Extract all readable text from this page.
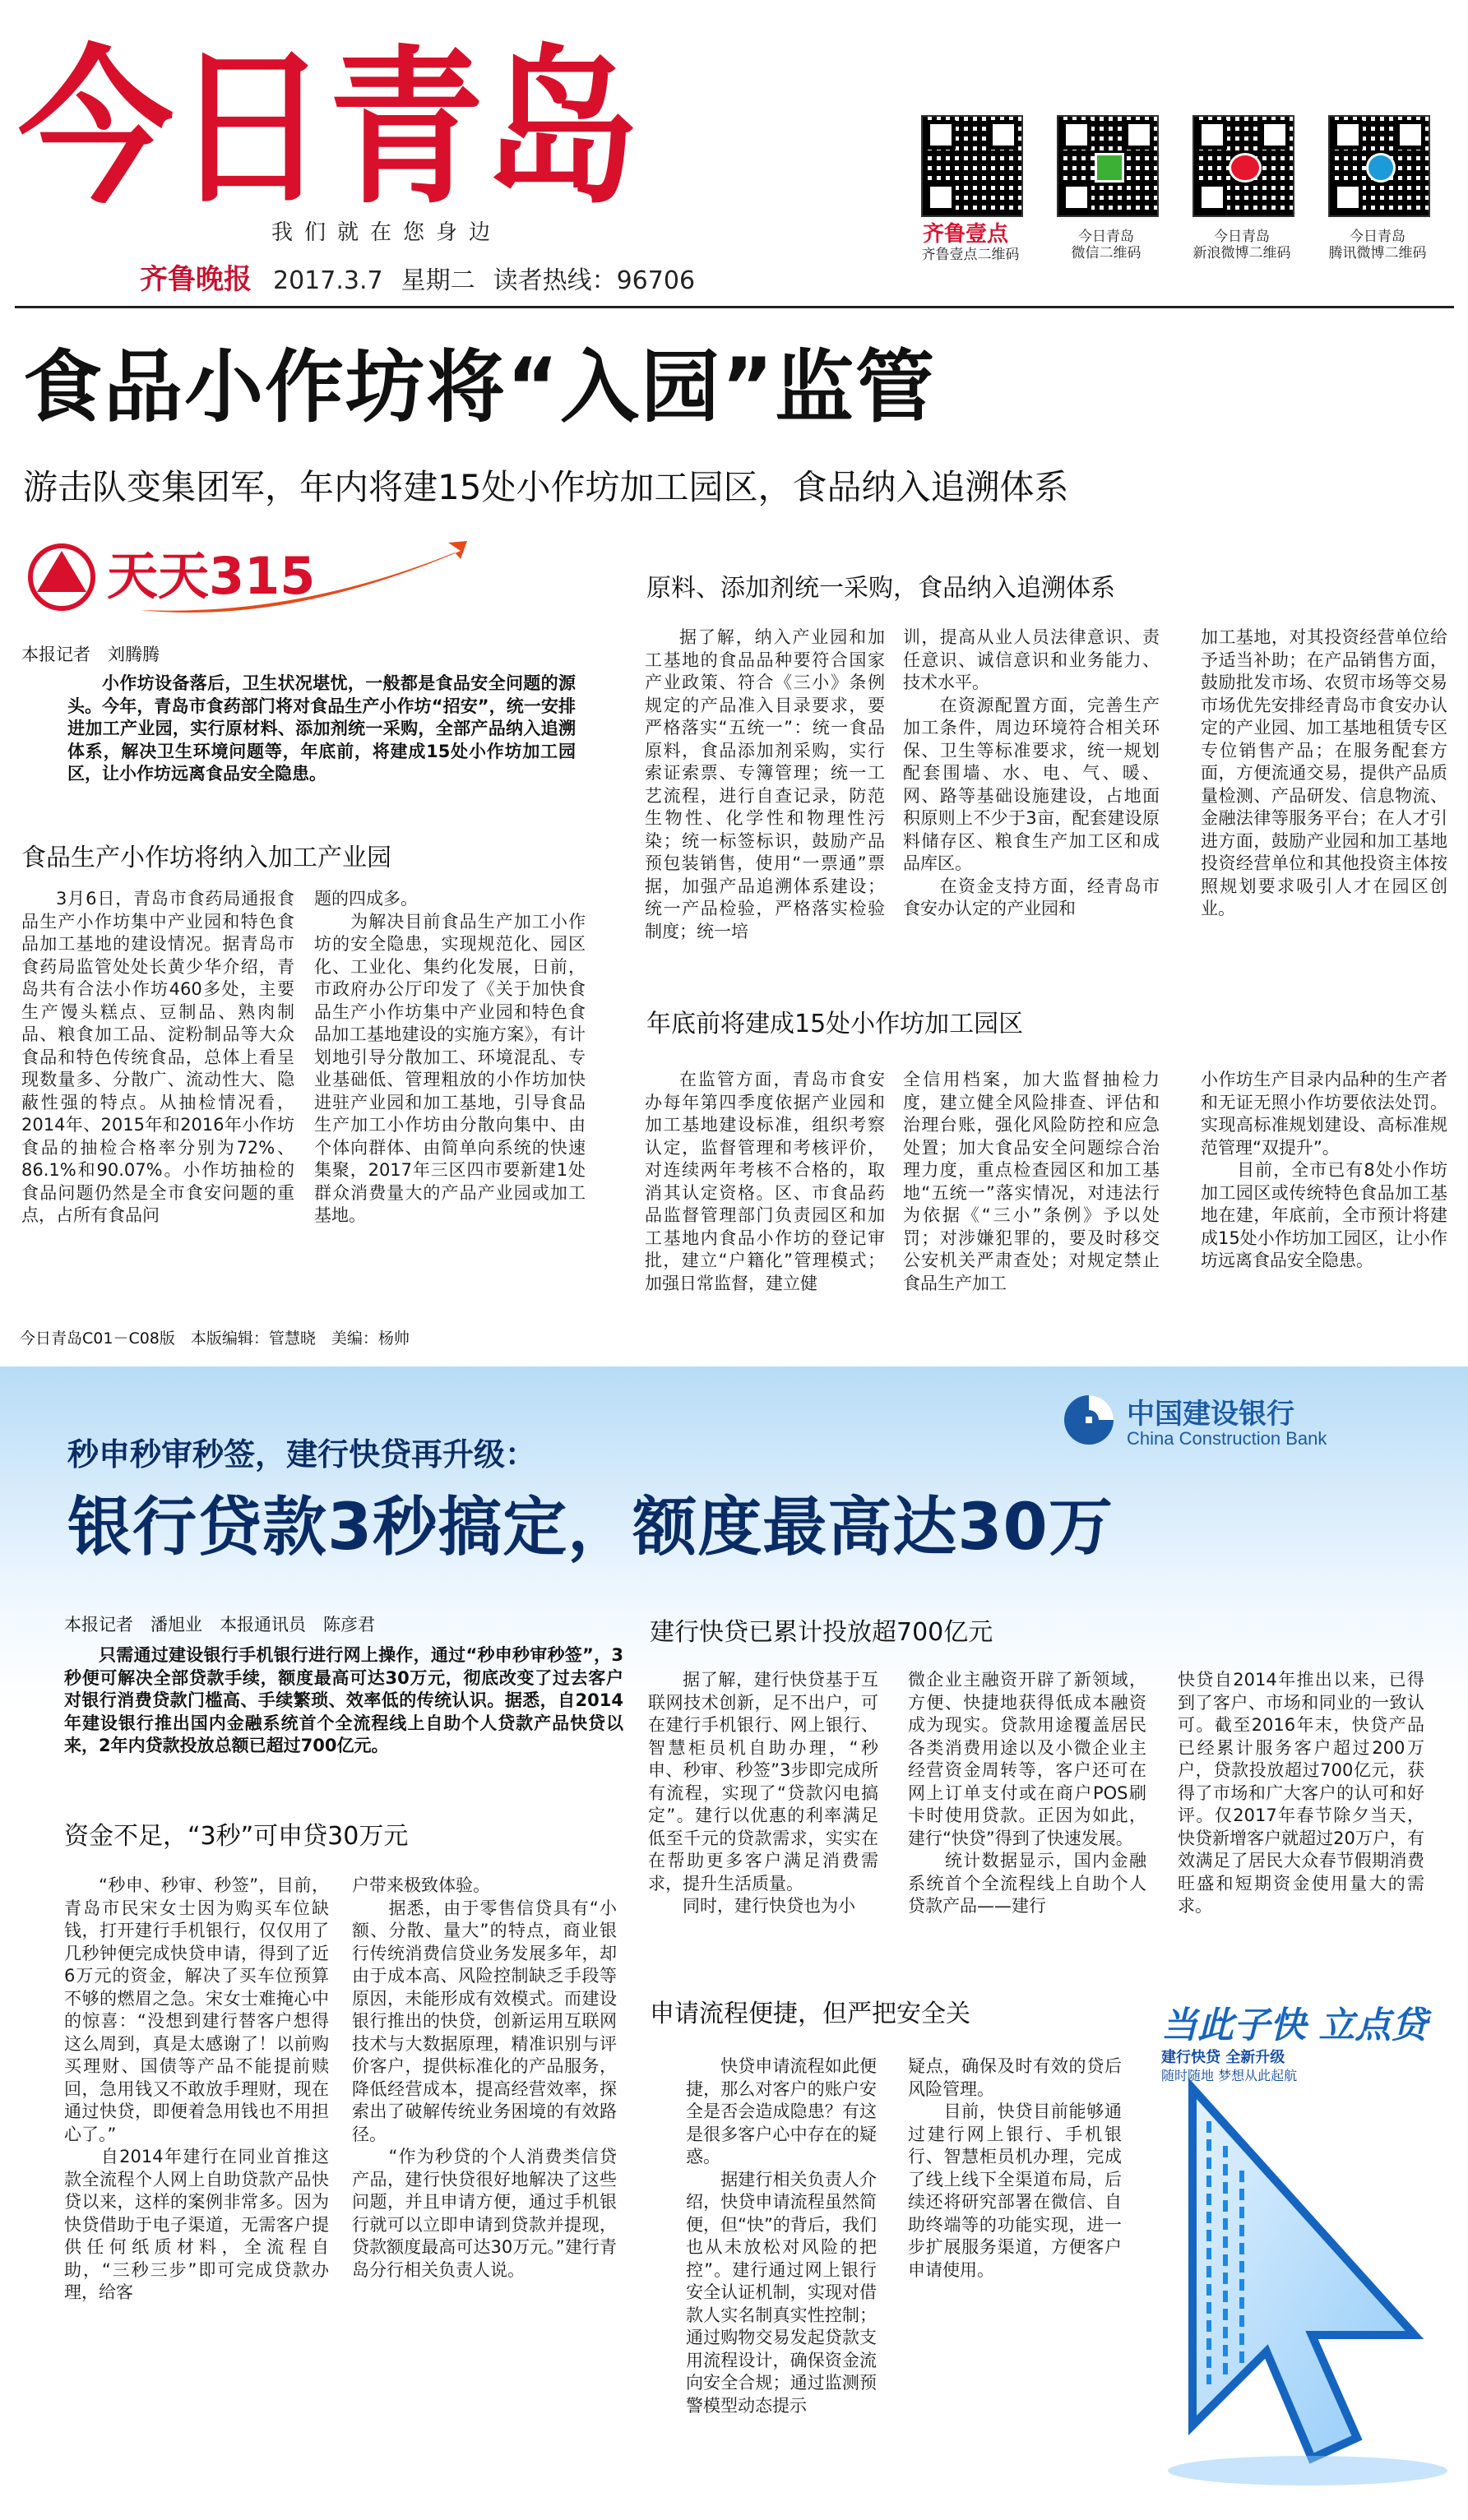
今日青岛
我们就在您身边
齐鲁晚报 2017.3.7 星期二 读者热线：96706
齐鲁壹点
齐鲁壹点二维码
今日青岛
微信二维码
今日青岛
新浪微博二维码
今日青岛
腾讯微博二维码
食品小作坊将“入园”监管
游击队变集团军，年内将建15处小作坊加工园区，食品纳入追溯体系
天天315
本报记者　刘腾腾
小作坊设备落后，卫生状况堪忧，一般都是食品安全问题的源头。今年，青岛市食药部门将对食品生产小作坊“招安”，统一安排进加工产业园，实行原材料、添加剂统一采购，全部产品纳入追溯体系，解决卫生环境问题等，年底前，将建成15处小作坊加工园区，让小作坊远离食品安全隐患。
食品生产小作坊将纳入加工产业园
3月6日，青岛市食药局通报食品生产小作坊集中产业园和特色食品加工基地的建设情况。据青岛市食药局监管处处长黄少华介绍，青岛共有合法小作坊460多处，主要生产馒头糕点、豆制品、熟肉制品、粮食加工品、淀粉制品等大众食品和特色传统食品，总体上看呈现数量多、分散广、流动性大、隐蔽性强的特点。从抽检情况看，2014年、2015年和2016年小作坊食品的抽检合格率分别为72%、86.1%和90.07%。小作坊抽检的食品问题仍然是全市食安问题的重点，占所有食品问
题的四成多。
　　为解决目前食品生产加工小作坊的安全隐患，实现规范化、园区化、工业化、集约化发展，日前，市政府办公厅印发了《关于加快食品生产小作坊集中产业园和特色食品加工基地建设的实施方案》，有计划地引导分散加工、环境混乱、专业基础低、管理粗放的小作坊加快进驻产业园和加工基地，引导食品生产加工小作坊由分散向集中、由个体向群体、由简单向系统的快速集聚，2017年三区四市要新建1处群众消费量大的产品产业园或加工基地。
原料、添加剂统一采购，食品纳入追溯体系
据了解，纳入产业园和加工基地的食品品种要符合国家产业政策、符合《三小》条例规定的产品准入目录要求，要严格落实“五统一”：统一食品原料，食品添加剂采购，实行索证索票、专簿管理；统一工艺流程，进行自查记录，防范生物性、化学性和物理性污染；统一标签标识，鼓励产品预包装销售，使用“一票通”票据，加强产品追溯体系建设；统一产品检验，严格落实检验制度；统一培
训，提高从业人员法律意识、责任意识、诚信意识和业务能力、技术水平。
　　在资源配置方面，完善生产加工条件，周边环境符合相关环保、卫生等标准要求，统一规划配套围墙、水、电、气、暖、网、路等基础设施建设，占地面积原则上不少于3亩，配套建设原料储存区、粮食生产加工区和成品库区。
　　在资金支持方面，经青岛市食安办认定的产业园和
加工基地，对其投资经营单位给予适当补助；在产品销售方面，鼓励批发市场、农贸市场等交易市场优先安排经青岛市食安办认定的产业园、加工基地租赁专区专位销售产品；在服务配套方面，方便流通交易，提供产品质量检测、产品研发、信息物流、金融法律等服务平台；在人才引进方面，鼓励产业园和加工基地投资经营单位和其他投资主体按照规划要求吸引人才在园区创业。
年底前将建成15处小作坊加工园区
在监管方面，青岛市食安办每年第四季度依据产业园和加工基地建设标准，组织考察认定，监督管理和考核评价，对连续两年考核不合格的，取消其认定资格。区、市食品药品监督管理部门负责园区和加工基地内食品小作坊的登记审批，建立“户籍化”管理模式；加强日常监督，建立健
全信用档案，加大监督抽检力度，建立健全风险排查、评估和治理台账，强化风险防控和应急处置；加大食品安全问题综合治理力度，重点检查园区和加工基地“五统一”落实情况，对违法行为依据《“三小”条例》予以处罚；对涉嫌犯罪的，要及时移交公安机关严肃查处；对规定禁止食品生产加工
小作坊生产目录内品种的生产者和无证无照小作坊要依法处罚。实现高标准规划建设、高标准规范管理“双提升”。
　　目前，全市已有8处小作坊加工园区或传统特色食品加工基地在建，年底前，全市预计将建成15处小作坊加工园区，让小作坊远离食品安全隐患。
今日青岛C01－C08版　本版编辑：管慧晓　美编：杨帅
中国建设银行
China Construction Bank
秒申秒审秒签，建行快贷再升级：
银行贷款3秒搞定，额度最高达30万
本报记者　潘旭业　本报通讯员　陈彦君
只需通过建设银行手机银行进行网上操作，通过“秒申秒审秒签”，3秒便可解决全部贷款手续，额度最高可达30万元，彻底改变了过去客户对银行消费贷款门槛高、手续繁琐、效率低的传统认识。据悉，自2014年建设银行推出国内金融系统首个全流程线上自助个人贷款产品快贷以来，2年内贷款投放总额已超过700亿元。
资金不足，“3秒”可申贷30万元
“秒申、秒审、秒签”，目前，青岛市民宋女士因为购买车位缺钱，打开建行手机银行，仅仅用了几秒钟便完成快贷申请，得到了近6万元的资金，解决了买车位预算不够的燃眉之急。宋女士难掩心中的惊喜：“没想到建行替客户想得这么周到，真是太感谢了！以前购买理财、国债等产品不能提前赎回，急用钱又不敢放手理财，现在通过快贷，即便着急用钱也不用担心了。”
　　自2014年建行在同业首推这款全流程个人网上自助贷款产品快贷以来，这样的案例非常多。因为快贷借助于电子渠道，无需客户提供任何纸质材料，全流程自助，“三秒三步”即可完成贷款办理，给客
户带来极致体验。
　　据悉，由于零售信贷具有“小额、分散、量大”的特点，商业银行传统消费信贷业务发展多年，却由于成本高、风险控制缺乏手段等原因，未能形成有效模式。而建设银行推出的快贷，创新运用互联网技术与大数据原理，精准识别与评价客户，提供标准化的产品服务，降低经营成本，提高经营效率，探索出了破解传统业务困境的有效路径。
　　“作为秒贷的个人消费类信贷产品，建行快贷很好地解决了这些问题，并且申请方便，通过手机银行就可以立即申请到贷款并提现，贷款额度最高可达30万元。”建行青岛分行相关负责人说。
建行快贷已累计投放超700亿元
据了解，建行快贷基于互联网技术创新，足不出户，可在建行手机银行、网上银行、智慧柜员机自助办理，“秒申、秒审、秒签”3步即完成所有流程，实现了“贷款闪电搞定”。建行以优惠的利率满足低至千元的贷款需求，实实在在帮助更多客户满足消费需求，提升生活质量。
　　同时，建行快贷也为小
微企业主融资开辟了新领域，方便、快捷地获得低成本融资成为现实。贷款用途覆盖居民各类消费用途以及小微企业主经营资金周转等，客户还可在网上订单支付或在商户POS刷卡时使用贷款。正因为如此，建行“快贷”得到了快速发展。
　　统计数据显示，国内金融系统首个全流程线上自助个人贷款产品——建行
快贷自2014年推出以来，已得到了客户、市场和同业的一致认可。截至2016年末，快贷产品已经累计服务客户超过200万户，贷款投放超过700亿元，获得了市场和广大客户的认可和好评。仅2017年春节除夕当天，快贷新增客户就超过20万户，有效满足了居民大众春节假期消费旺盛和短期资金使用量大的需求。
申请流程便捷，但严把安全关
快贷申请流程如此便捷，那么对客户的账户安全是否会造成隐患？有这是很多客户心中存在的疑惑。
　　据建行相关负责人介绍，快贷申请流程虽然简便，但“快”的背后，我们也从未放松对风险的把控”。建行通过网上银行安全认证机制，实现对借款人实名制真实性控制；通过购物交易发起贷款支用流程设计，确保资金流向安全合规；通过监测预警模型动态提示
疑点，确保及时有效的贷后风险管理。
　　目前，快贷目前能够通过建行网上银行、手机银行、智慧柜员机办理，完成了线上线下全渠道布局，后续还将研究部署在微信、自助终端等的功能实现，进一步扩展服务渠道，方便客户申请使用。
当此子快 立点贷
建行快贷 全新升级
随时随地 梦想从此起航
